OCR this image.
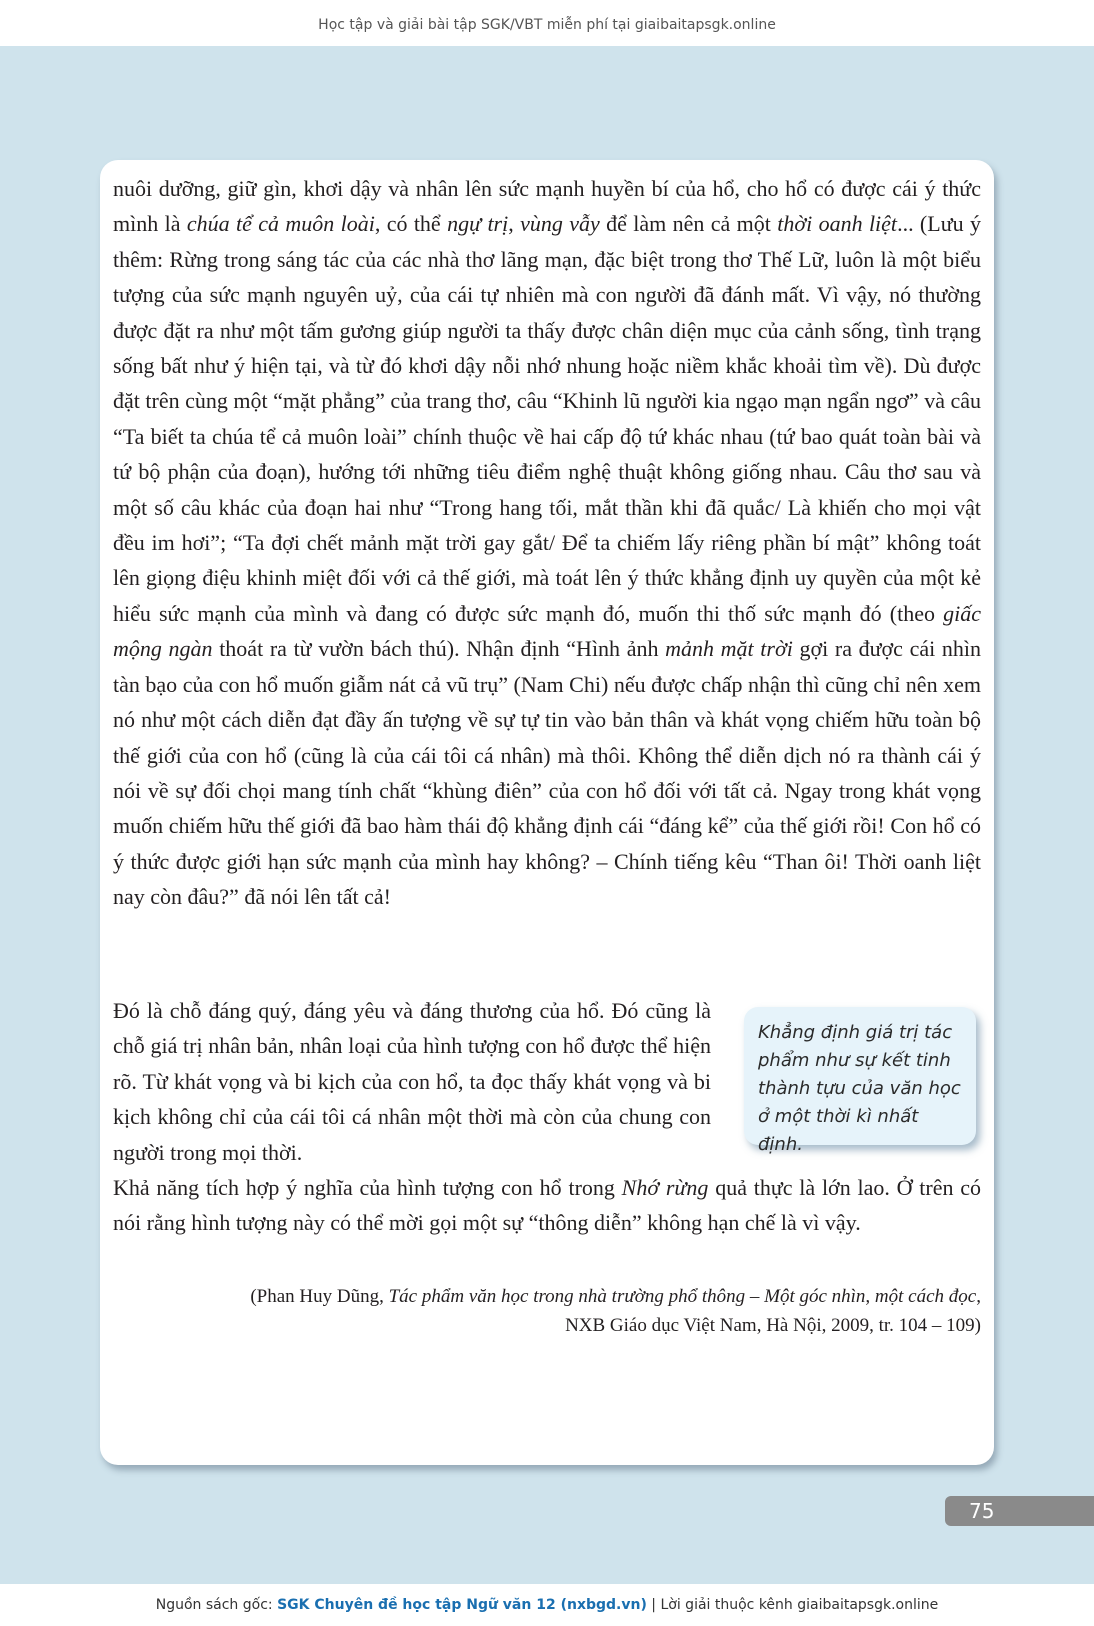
Học tập và giải bài tập SGK/VBT miễn phí tại giaibaitapsgk.online

nuôi dưỡng, giữ gìn, khơi dậy và nhân lên sức mạnh huyền bí của hổ, cho hổ có được cái ý thức mình là chúa tể cả muôn loài, có thể ngự trị, vùng vẫy để làm nên cả một thời oanh liệt... (Lưu ý thêm: Rừng trong sáng tác của các nhà thơ lãng mạn, đặc biệt trong thơ Thế Lữ, luôn là một biểu tượng của sức mạnh nguyên uỷ, của cái tự nhiên mà con người đã đánh mất. Vì vậy, nó thường được đặt ra như một tấm gương giúp người ta thấy được chân diện mục của cảnh sống, tình trạng sống bất như ý hiện tại, và từ đó khơi dậy nỗi nhớ nhung hoặc niềm khắc khoải tìm về). Dù được đặt trên cùng một “mặt phẳng” của trang thơ, câu “Khinh lũ người kia ngạo mạn ngẩn ngơ” và câu “Ta biết ta chúa tể cả muôn loài” chính thuộc về hai cấp độ tứ khác nhau (tứ bao quát toàn bài và tứ bộ phận của đoạn), hướng tới những tiêu điểm nghệ thuật không giống nhau. Câu thơ sau và một số câu khác của đoạn hai như “Trong hang tối, mắt thần khi đã quắc/ Là khiến cho mọi vật đều im hơi”; “Ta đợi chết mảnh mặt trời gay gắt/ Để ta chiếm lấy riêng phần bí mật” không toát lên giọng điệu khinh miệt đối với cả thế giới, mà toát lên ý thức khẳng định uy quyền của một kẻ hiểu sức mạnh của mình và đang có được sức mạnh đó, muốn thi thố sức mạnh đó (theo giấc mộng ngàn thoát ra từ vườn bách thú). Nhận định “Hình ảnh mảnh mặt trời gợi ra được cái nhìn tàn bạo của con hổ muốn giẫm nát cả vũ trụ” (Nam Chi) nếu được chấp nhận thì cũng chỉ nên xem nó như một cách diễn đạt đầy ấn tượng về sự tự tin vào bản thân và khát vọng chiếm hữu toàn bộ thế giới của con hổ (cũng là của cái tôi cá nhân) mà thôi. Không thể diễn dịch nó ra thành cái ý nói về sự đối chọi mang tính chất “khùng điên” của con hổ đối với tất cả. Ngay trong khát vọng muốn chiếm hữu thế giới đã bao hàm thái độ khẳng định cái “đáng kể” của thế giới rồi! Con hổ có ý thức được giới hạn sức mạnh của mình hay không? – Chính tiếng kêu “Than ôi! Thời oanh liệt nay còn đâu?” đã nói lên tất cả!

Đó là chỗ đáng quý, đáng yêu và đáng thương của hổ. Đó cũng là chỗ giá trị nhân bản, nhân loại của hình tượng con hổ được thể hiện rõ. Từ khát vọng và bi kịch của con hổ, ta đọc thấy khát vọng và bi kịch không chỉ của cái tôi cá nhân một thời mà còn của chung con người trong mọi thời.

Khẳng định giá trị tác phẩm như sự kết tinh thành tựu của văn học ở một thời kì nhất định.

Khả năng tích hợp ý nghĩa của hình tượng con hổ trong Nhớ rừng quả thực là lớn lao. Ở trên có nói rằng hình tượng này có thể mời gọi một sự “thông diễn” không hạn chế là vì vậy.

(Phan Huy Dũng, Tác phẩm văn học trong nhà trường phổ thông – Một góc nhìn, một cách đọc,
NXB Giáo dục Việt Nam, Hà Nội, 2009, tr. 104 – 109)

75
Nguồn sách gốc: SGK Chuyên đề học tập Ngữ văn 12 (nxbgd.vn) | Lời giải thuộc kênh giaibaitapsgk.online
